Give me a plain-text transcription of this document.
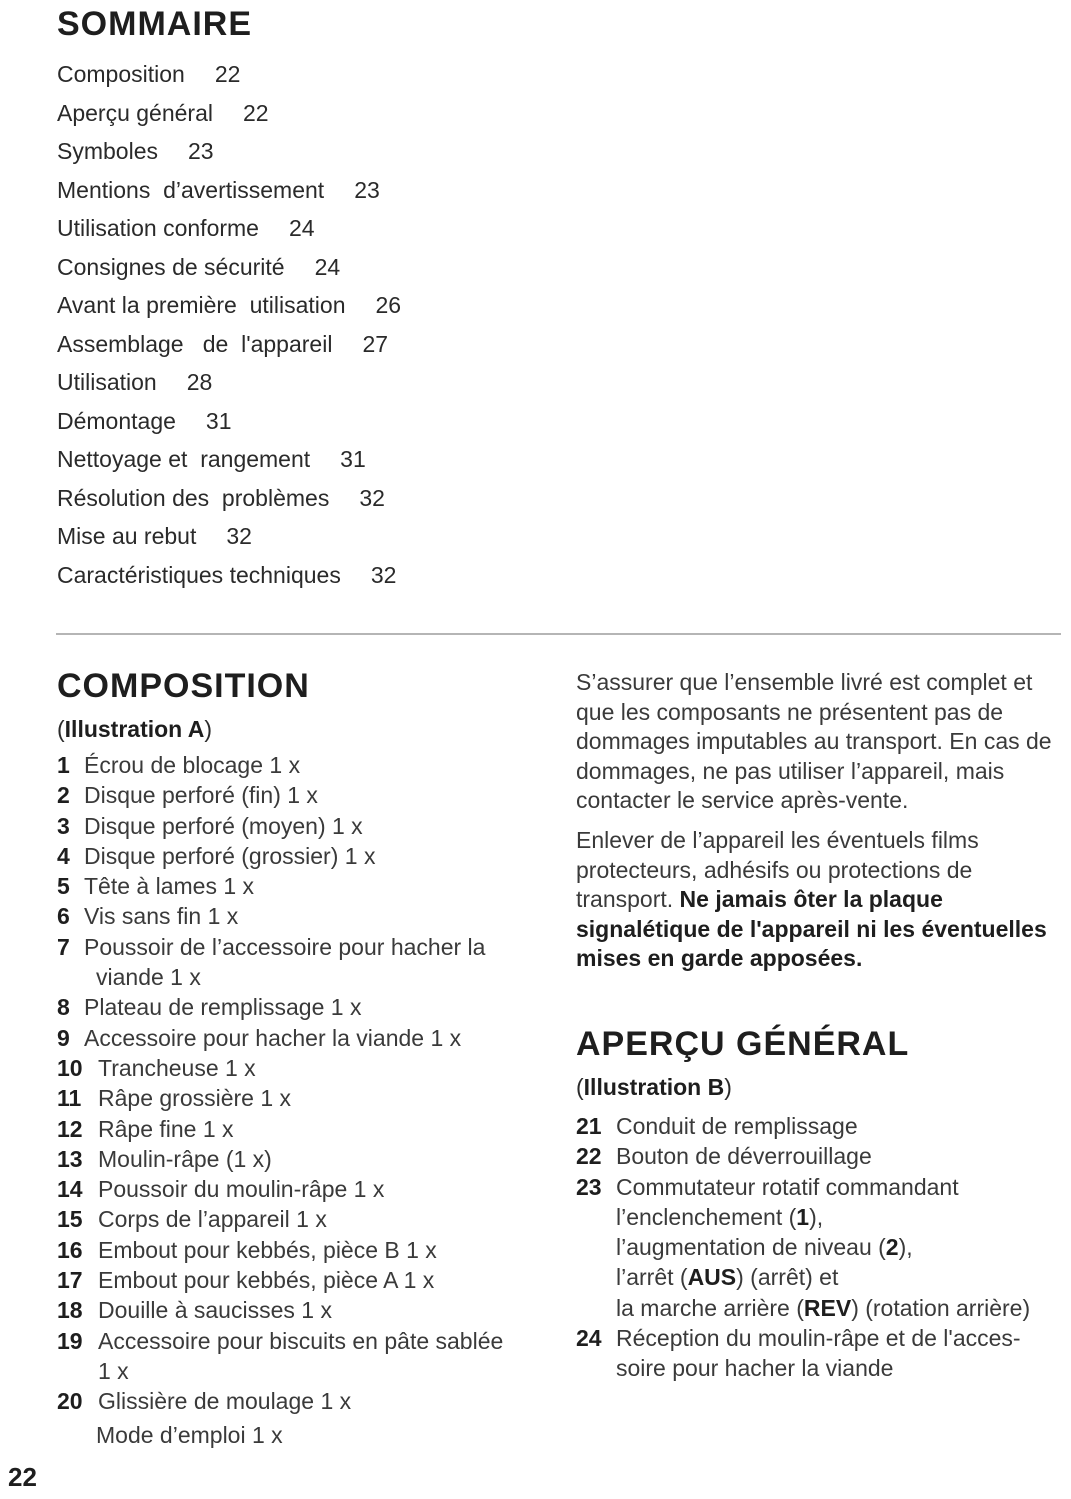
SOMMAIRE
Composition 22
Aperçu général 22
Symboles 23
Mentions  d’avertissement 23
Utilisation conforme 24
Consignes de sécurité 24
Avant la première  utilisation 26
Assemblage   de  l'appareil 27
Utilisation 28
Démontage 31
Nettoyage et  rangement 31
Résolution des  problèmes 32
Mise au rebut 32
Caractéristiques techniques 32
COMPOSITION
(Illustration A)
1 Écrou de blocage 1 x
2 Disque perforé (fin) 1 x
3 Disque perforé (moyen) 1 x
4 Disque perforé (grossier) 1 x
5 Tête à lames 1 x
6 Vis sans fin 1 x
7 Poussoir de l’accessoire pour hacher la
viande 1 x
8 Plateau de remplissage 1 x
9 Accessoire pour hacher la viande 1 x
10 Trancheuse 1 x
11 Râpe grossière 1 x
12 Râpe fine 1 x
13 Moulin-râpe (1 x)
14 Poussoir du moulin-râpe 1 x
15 Corps de l’appareil 1 x
16 Embout pour kebbés, pièce B 1 x
17 Embout pour kebbés, pièce A 1 x
18 Douille à saucisses 1 x
19 Accessoire pour biscuits en pâte sablée
1 x
20 Glissière de moulage 1 x
Mode d’emploi 1 x

S’assurer que l’ensemble livré est complet et que les composants ne présentent pas de dommages imputables au transport. En cas de dommages, ne pas utiliser l’appareil, mais contacter le service après-vente.

Enlever de l’appareil les éventuels films protecteurs, adhésifs ou protections de transport. Ne jamais ôter la plaque signalétique de l'appareil ni les éventuelles mises en garde apposées.

APERÇU GÉNÉRAL
(Illustration B)
21 Conduit de remplissage
22 Bouton de déverrouillage
23 Commutateur rotatif commandant
l’enclenchement (1),
l’augmentation de niveau (2),
l’arrêt (AUS) (arrêt) et
la marche arrière (REV) (rotation arrière)
24 Réception du moulin-râpe et de l'acces-
soire pour hacher la viande
22
